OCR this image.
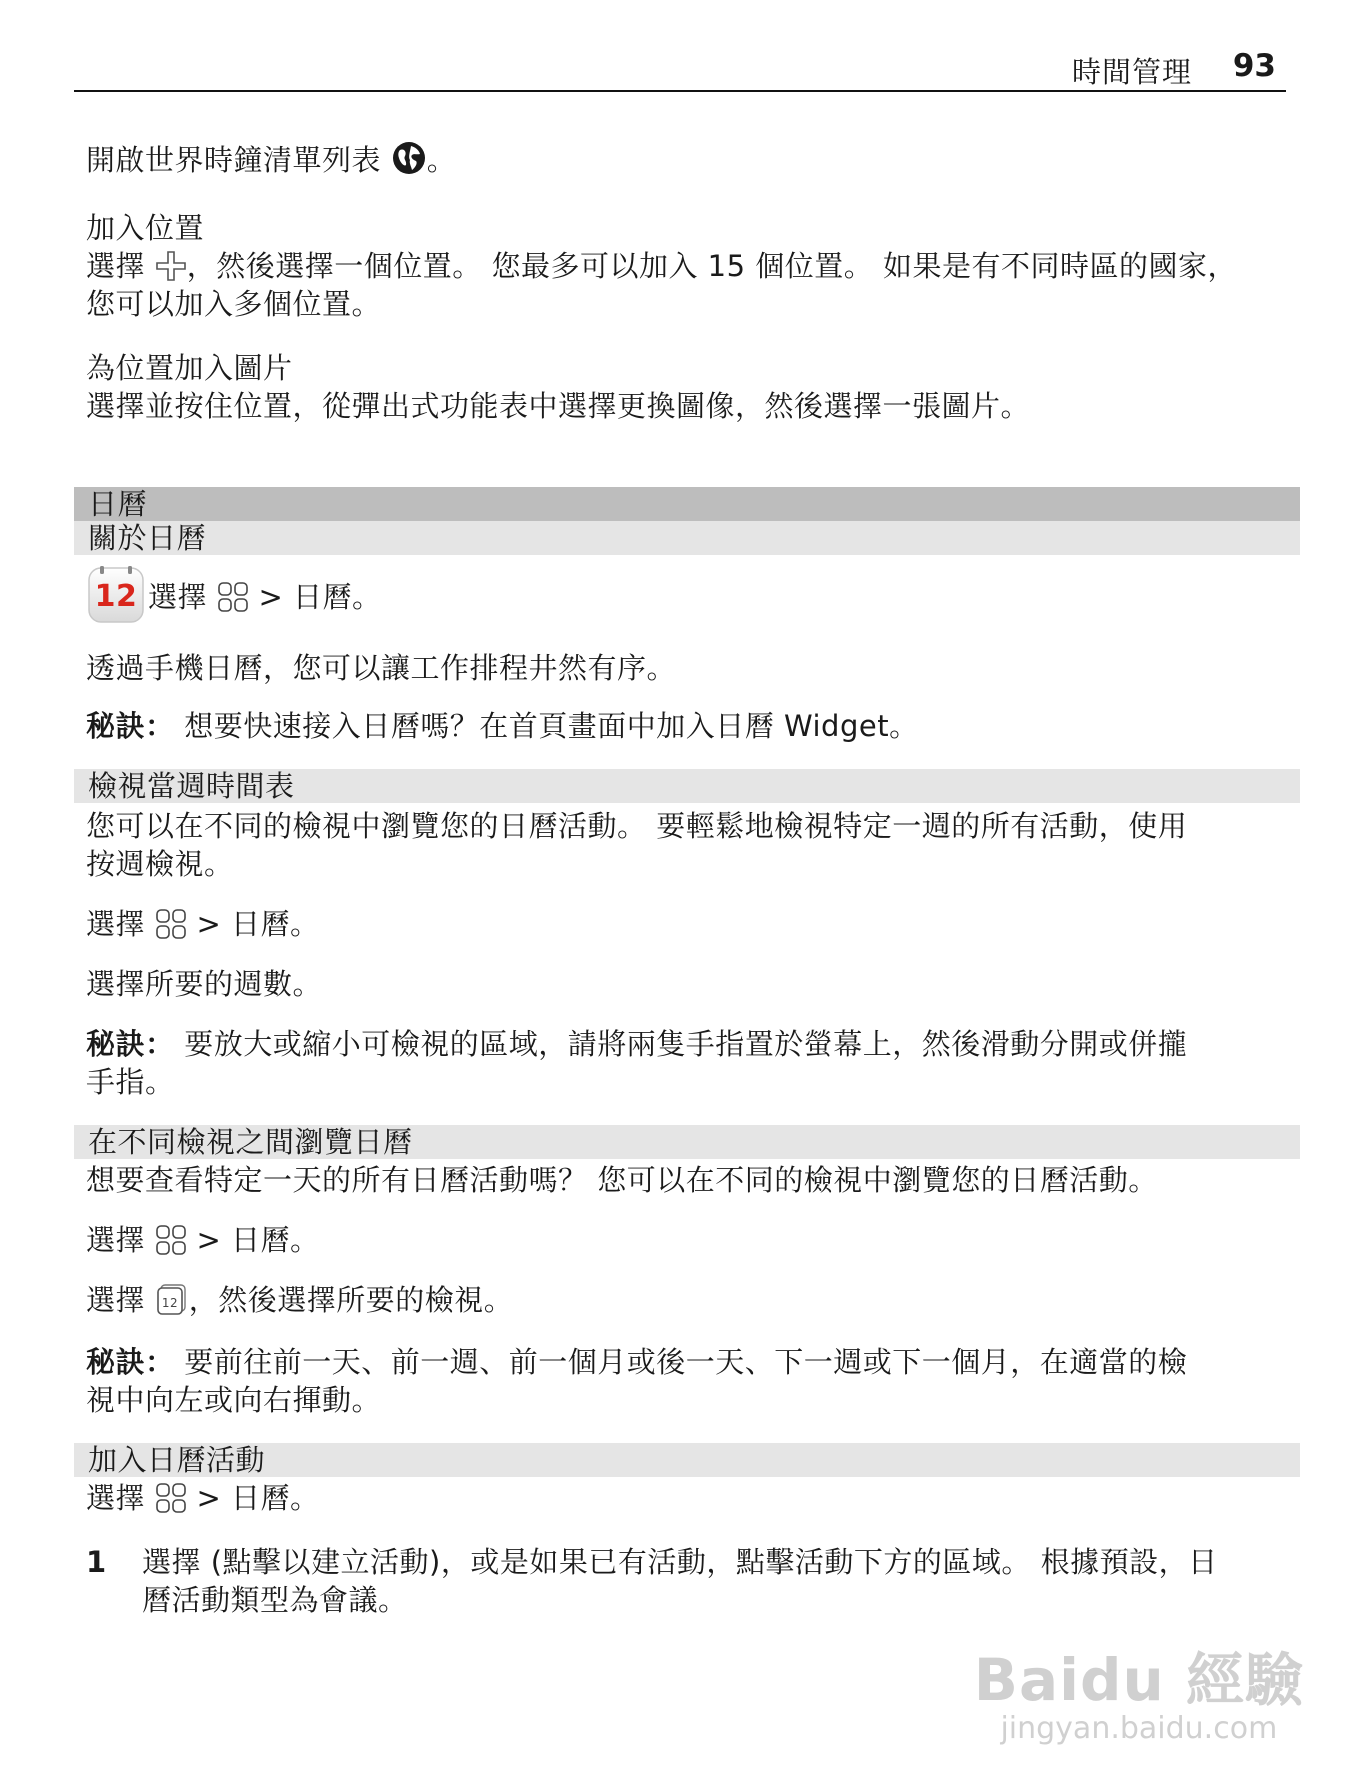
時間管理 93

開啟世界時鐘清單列表 。

加入位置

選擇 ，然後選擇一個位置。 您最多可以加入 15 個位置。 如果是有不同時區的國家，

您可以加入多個位置。

為位置加入圖片

選擇並按住位置，從彈出式功能表中選擇更換圖像，然後選擇一張圖片。

日曆
關於日曆

12 選擇  > 日曆。

透過手機日曆，您可以讓工作排程井然有序。

秘訣： 想要快速接入日曆嗎？在首頁畫面中加入日曆 Widget。

檢視當週時間表

您可以在不同的檢視中瀏覽您的日曆活動。 要輕鬆地檢視特定一週的所有活動，使用

按週檢視。

選擇  > 日曆。

選擇所要的週數。

秘訣： 要放大或縮小可檢視的區域，請將兩隻手指置於螢幕上，然後滑動分開或併攏

手指。

在不同檢視之間瀏覽日曆

想要查看特定一天的所有日曆活動嗎？ 您可以在不同的檢視中瀏覽您的日曆活動。

選擇  > 日曆。

選擇 12 ，然後選擇所要的檢視。

秘訣： 要前往前一天、前一週、前一個月或後一天、下一週或下一個月，在適當的檢

視中向左或向右揮動。

加入日曆活動

選擇  > 日曆。

1	選擇 (點擊以建立活動)，或是如果已有活動，點擊活動下方的區域。 根據預設，日

曆活動類型為會議。

Baidu 經驗
jingyan.baidu.com
